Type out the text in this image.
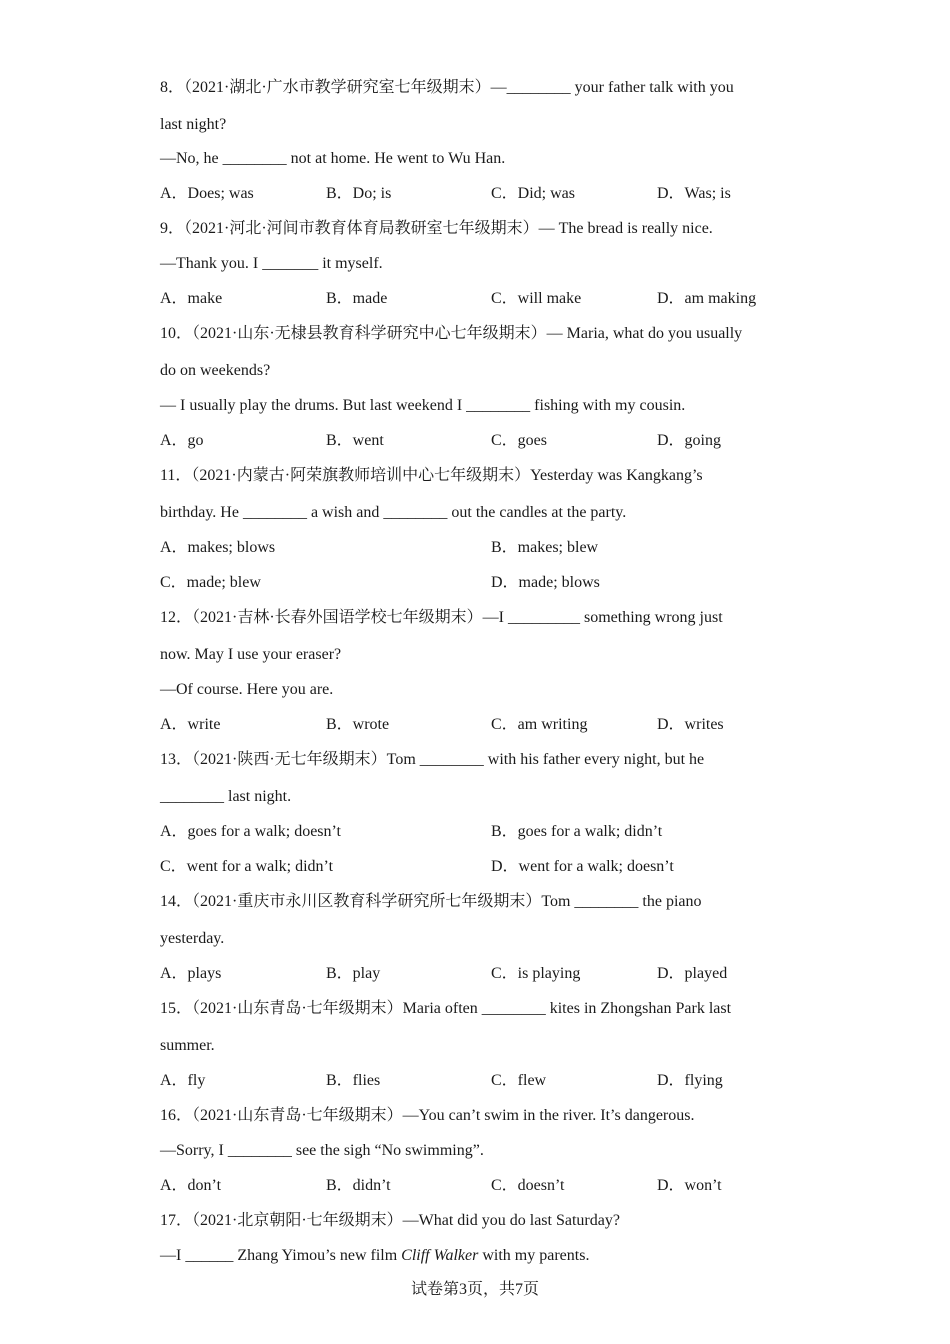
8．（2021·湖北·广水市教学研究室七年级期末）—________ your father talk with you
last night?
—No, he ________ not at home. He went to Wu Han.
A．Does; was	B．Do; is	C．Did; was	D．Was; is
9．（2021·河北·河间市教育体育局教研室七年级期末）— The bread is really nice.
—Thank you. I _______ it myself.
A．make	B．made	C．will make	D．am making
10．（2021·山东·无棣县教育科学研究中心七年级期末）— Maria, what do you usually
do on weekends?
— I usually play the drums. But last weekend I ________ fishing with my cousin.
A．go	B．went	C．goes	D．going
11．（2021·内蒙古·阿荣旗教师培训中心七年级期末）Yesterday was Kangkang’s
birthday. He ________ a wish and ________ out the candles at the party.
A．makes; blows	B．makes; blew
C．made; blew	D．made; blows
12．（2021·吉林·长春外国语学校七年级期末）—I _________ something wrong just
now. May I use your eraser?
—Of course. Here you are.
A．write	B．wrote	C．am writing	D．writes
13．（2021·陕西·无七年级期末）Tom ________ with his father every night, but he
________ last night.
A．goes for a walk; doesn’t	B．goes for a walk; didn’t
C．went for a walk; didn’t	D．went for a walk; doesn’t
14．（2021·重庆市永川区教育科学研究所七年级期末）Tom ________ the piano
yesterday.
A．plays	B．play	C．is playing	D．played
15．（2021·山东青岛·七年级期末）Maria often ________ kites in Zhongshan Park last
summer.
A．fly	B．flies	C．flew	D．flying
16．（2021·山东青岛·七年级期末）—You can’t swim in the river. It’s dangerous.
—Sorry, I ________ see the sigh “No swimming”.
A．don’t	B．didn’t	C．doesn’t	D．won’t
17．（2021·北京朝阳·七年级期末）—What did you do last Saturday?
—I ______ Zhang Yimou’s new film Cliff Walker with my parents.
试卷第3页，共7页
